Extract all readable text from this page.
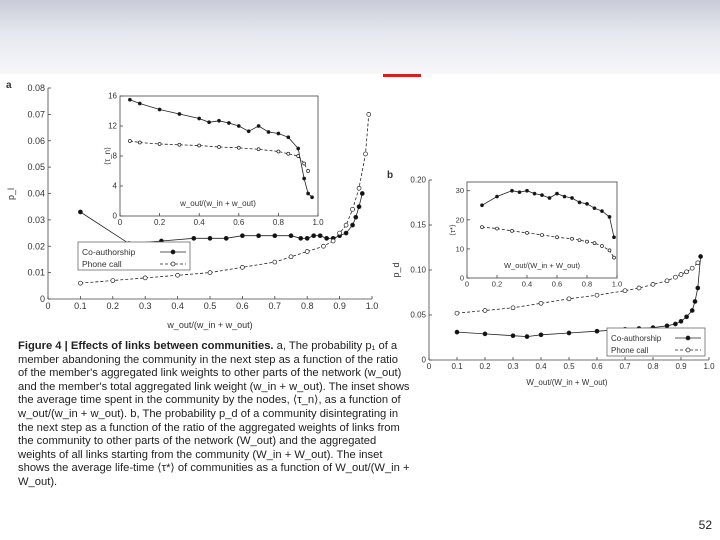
a
0	0.1 0.2 0.3 0.4 0.5 0.6 0.7 0.8 0.9 1.0
0
0.01
0.02
0.03
0.04
0.05
0.06
0.07
0.08
w_out/(w_in + w_out)
p_l
0	0.2	0.4	0.6	0.8	1.0
0
4
8
12
16
w_out/(w_in + w_out)
⟨τ_n⟩
Co-authorship
Phone call
b
0	0.1 0.2 0.3 0.4 0.5 0.6 0.7 0.8 0.9 1.0
0
0.05
0.10
0.15
0.20
W_out/(W_in + W_out)
p_d
0	0.2	0.4	0.6	0.8	1.0
0
10
20
30
W_out/(W_in + W_out)
⟨τ*⟩
Co-authorship
Phone call
Figure 4 | Effects of links between communities. a, The probability p₁ of a member abandoning the community in the next step as a function of the ratio of the member's aggregated link weights to other parts of the network (w_out) and the member's total aggregated link weight (w_in + w_out). The inset shows the average time spent in the community by the nodes, ⟨τ_n⟩, as a function of w_out/(w_in + w_out). b, The probability p_d of a community disintegrating in the next step as a function of the ratio of the aggregated weights of links from the community to other parts of the network (W_out) and the aggregated weights of all links starting from the community (W_in + W_out). The inset shows the average life-time ⟨τ*⟩ of communities as a function of W_out/(W_in + W_out).
52
